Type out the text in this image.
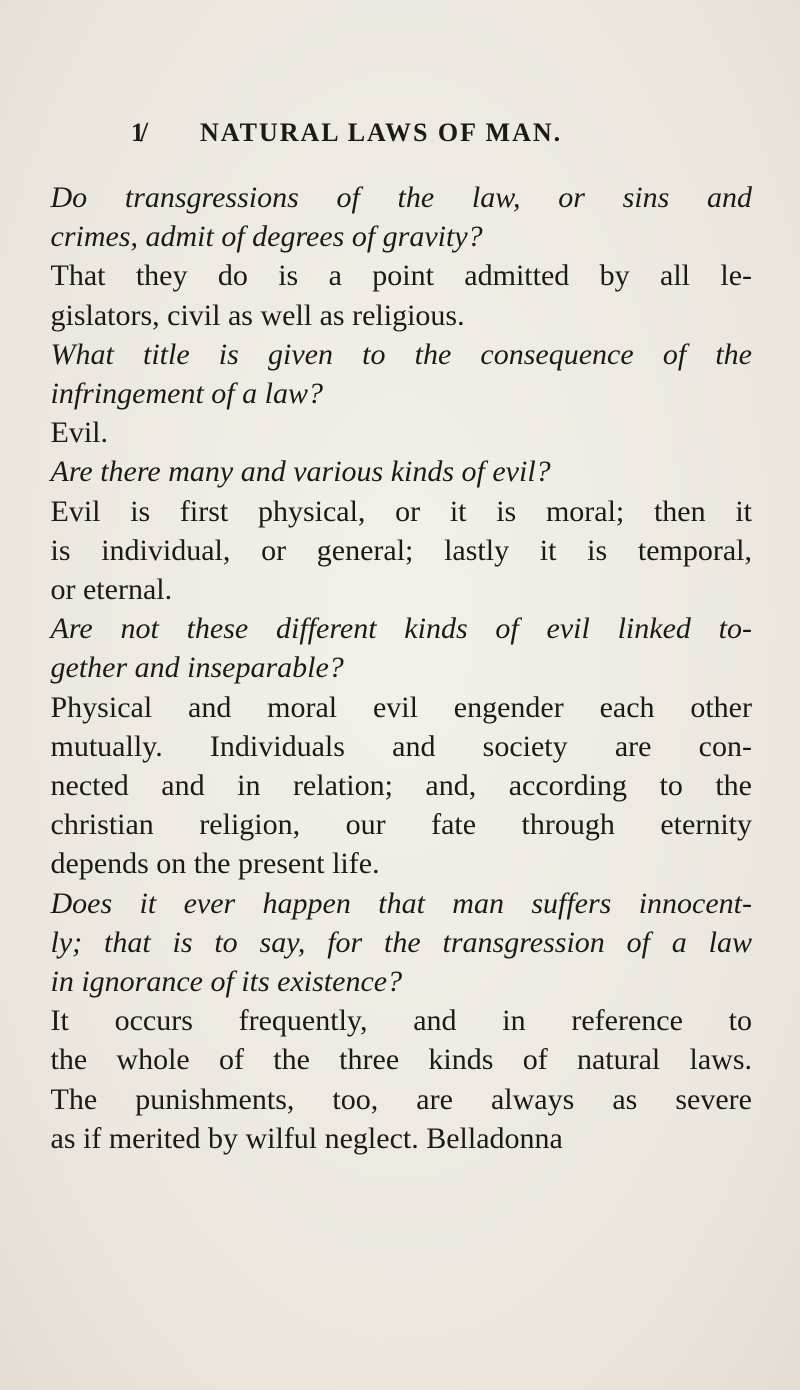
1̸ NATURAL LAWS OF MAN.
Do transgressions of the law, or sins and
crimes, admit of degrees of gravity?
That they do is a point admitted by all le-
gislators, civil as well as religious.
What title is given to the consequence of the
infringement of a law?
Evil.
Are there many and various kinds of evil?
Evil is first physical, or it is moral; then it
is individual, or general; lastly it is temporal,
or eternal.
Are not these different kinds of evil linked to-
gether and inseparable?
Physical and moral evil engender each other
mutually. Individuals and society are con-
nected and in relation; and, according to the
christian religion, our fate through eternity
depends on the present life.
Does it ever happen that man suffers innocent-
ly; that is to say, for the transgression of a law
in ignorance of its existence?
It occurs frequently, and in reference to
the whole of the three kinds of natural laws.
The punishments, too, are always as severe
as if merited by wilful neglect. Belladonna
